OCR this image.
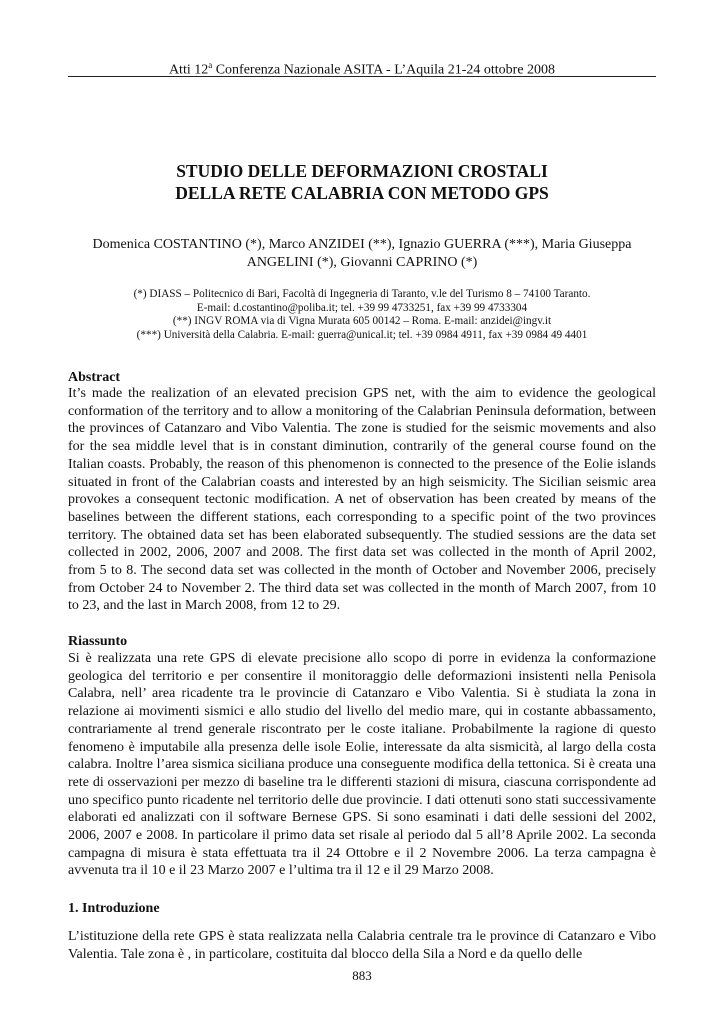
Atti 12$^a$ Conferenza Nazionale ASITA - L’Aquila 21-24 ottobre 2008
STUDIO DELLE DEFORMAZIONI CROSTALI
DELLA RETE CALABRIA CON METODO GPS
Domenica COSTANTINO (*), Marco ANZIDEI (**), Ignazio GUERRA (***), Maria Giuseppa
ANGELINI (*), Giovanni CAPRINO (*)
(*) DIASS – Politecnico di Bari, Facoltà di Ingegneria di Taranto, v.le del Turismo 8 – 74100 Taranto.
E-mail: d.costantino@poliba.it; tel. +39 99 4733251, fax +39 99 4733304
(**) INGV ROMA via di Vigna Murata 605 00142 – Roma. E-mail: anzidei@ingv.it
(***) Università della Calabria. E-mail: guerra@unical.it; tel. +39 0984 4911, fax +39 0984 49 4401
Abstract
It’s made the realization of an elevated precision GPS net, with the aim to evidence the geological conformation of the territory and to allow a monitoring of the Calabrian Peninsula deformation, between the provinces of Catanzaro and Vibo Valentia. The zone is studied for the seismic movements and also for the sea middle level that is in constant diminution, contrarily of the general course found on the Italian coasts. Probably, the reason of this phenomenon is connected to the presence of the Eolie islands situated in front of the Calabrian coasts and interested by an high seismicity. The Sicilian seismic area provokes a consequent tectonic modification. A net of observation has been created by means of the baselines between the different stations, each corresponding to a specific point of the two provinces territory. The obtained data set has been elaborated subsequently. The studied sessions are the data set collected in 2002, 2006, 2007 and 2008. The first data set was collected in the month of April 2002, from 5 to 8. The second data set was collected in the month of October and November 2006, precisely from October 24 to November 2. The third data set was collected in the month of March 2007, from 10 to 23, and the last in March 2008, from 12 to 29.
Riassunto
Si è realizzata una rete GPS di elevate precisione allo scopo di porre in evidenza la conformazione geologica del territorio e per consentire il monitoraggio delle deformazioni insistenti nella Penisola Calabra, nell’ area ricadente tra le provincie di Catanzaro e Vibo Valentia. Si è studiata la zona in relazione ai movimenti sismici e allo studio del livello del medio mare, qui in costante abbassamento, contrariamente al trend generale riscontrato per le coste italiane. Probabilmente la ragione di questo fenomeno è imputabile alla presenza delle isole Eolie, interessate da alta sismicità, al largo della costa calabra. Inoltre l’area sismica siciliana produce una conseguente modifica della tettonica. Si è creata una rete di osservazioni per mezzo di baseline tra le differenti stazioni di misura, ciascuna corrispondente ad uno specifico punto ricadente nel territorio delle due provincie. I dati ottenuti sono stati successivamente elaborati ed analizzati con il software Bernese GPS. Si sono esaminati i dati delle sessioni del 2002, 2006, 2007 e 2008. In particolare il primo data set risale al periodo dal 5 all’8 Aprile 2002. La seconda campagna di misura è stata effettuata tra il 24 Ottobre e il 2 Novembre 2006. La terza campagna è avvenuta tra il 10 e il 23 Marzo 2007 e l’ultima tra il 12 e il 29 Marzo 2008.
1. Introduzione
L’istituzione della rete GPS è stata realizzata nella Calabria centrale tra le province di Catanzaro e Vibo Valentia. Tale zona è , in particolare, costituita dal blocco della Sila a Nord e da quello delle
883
